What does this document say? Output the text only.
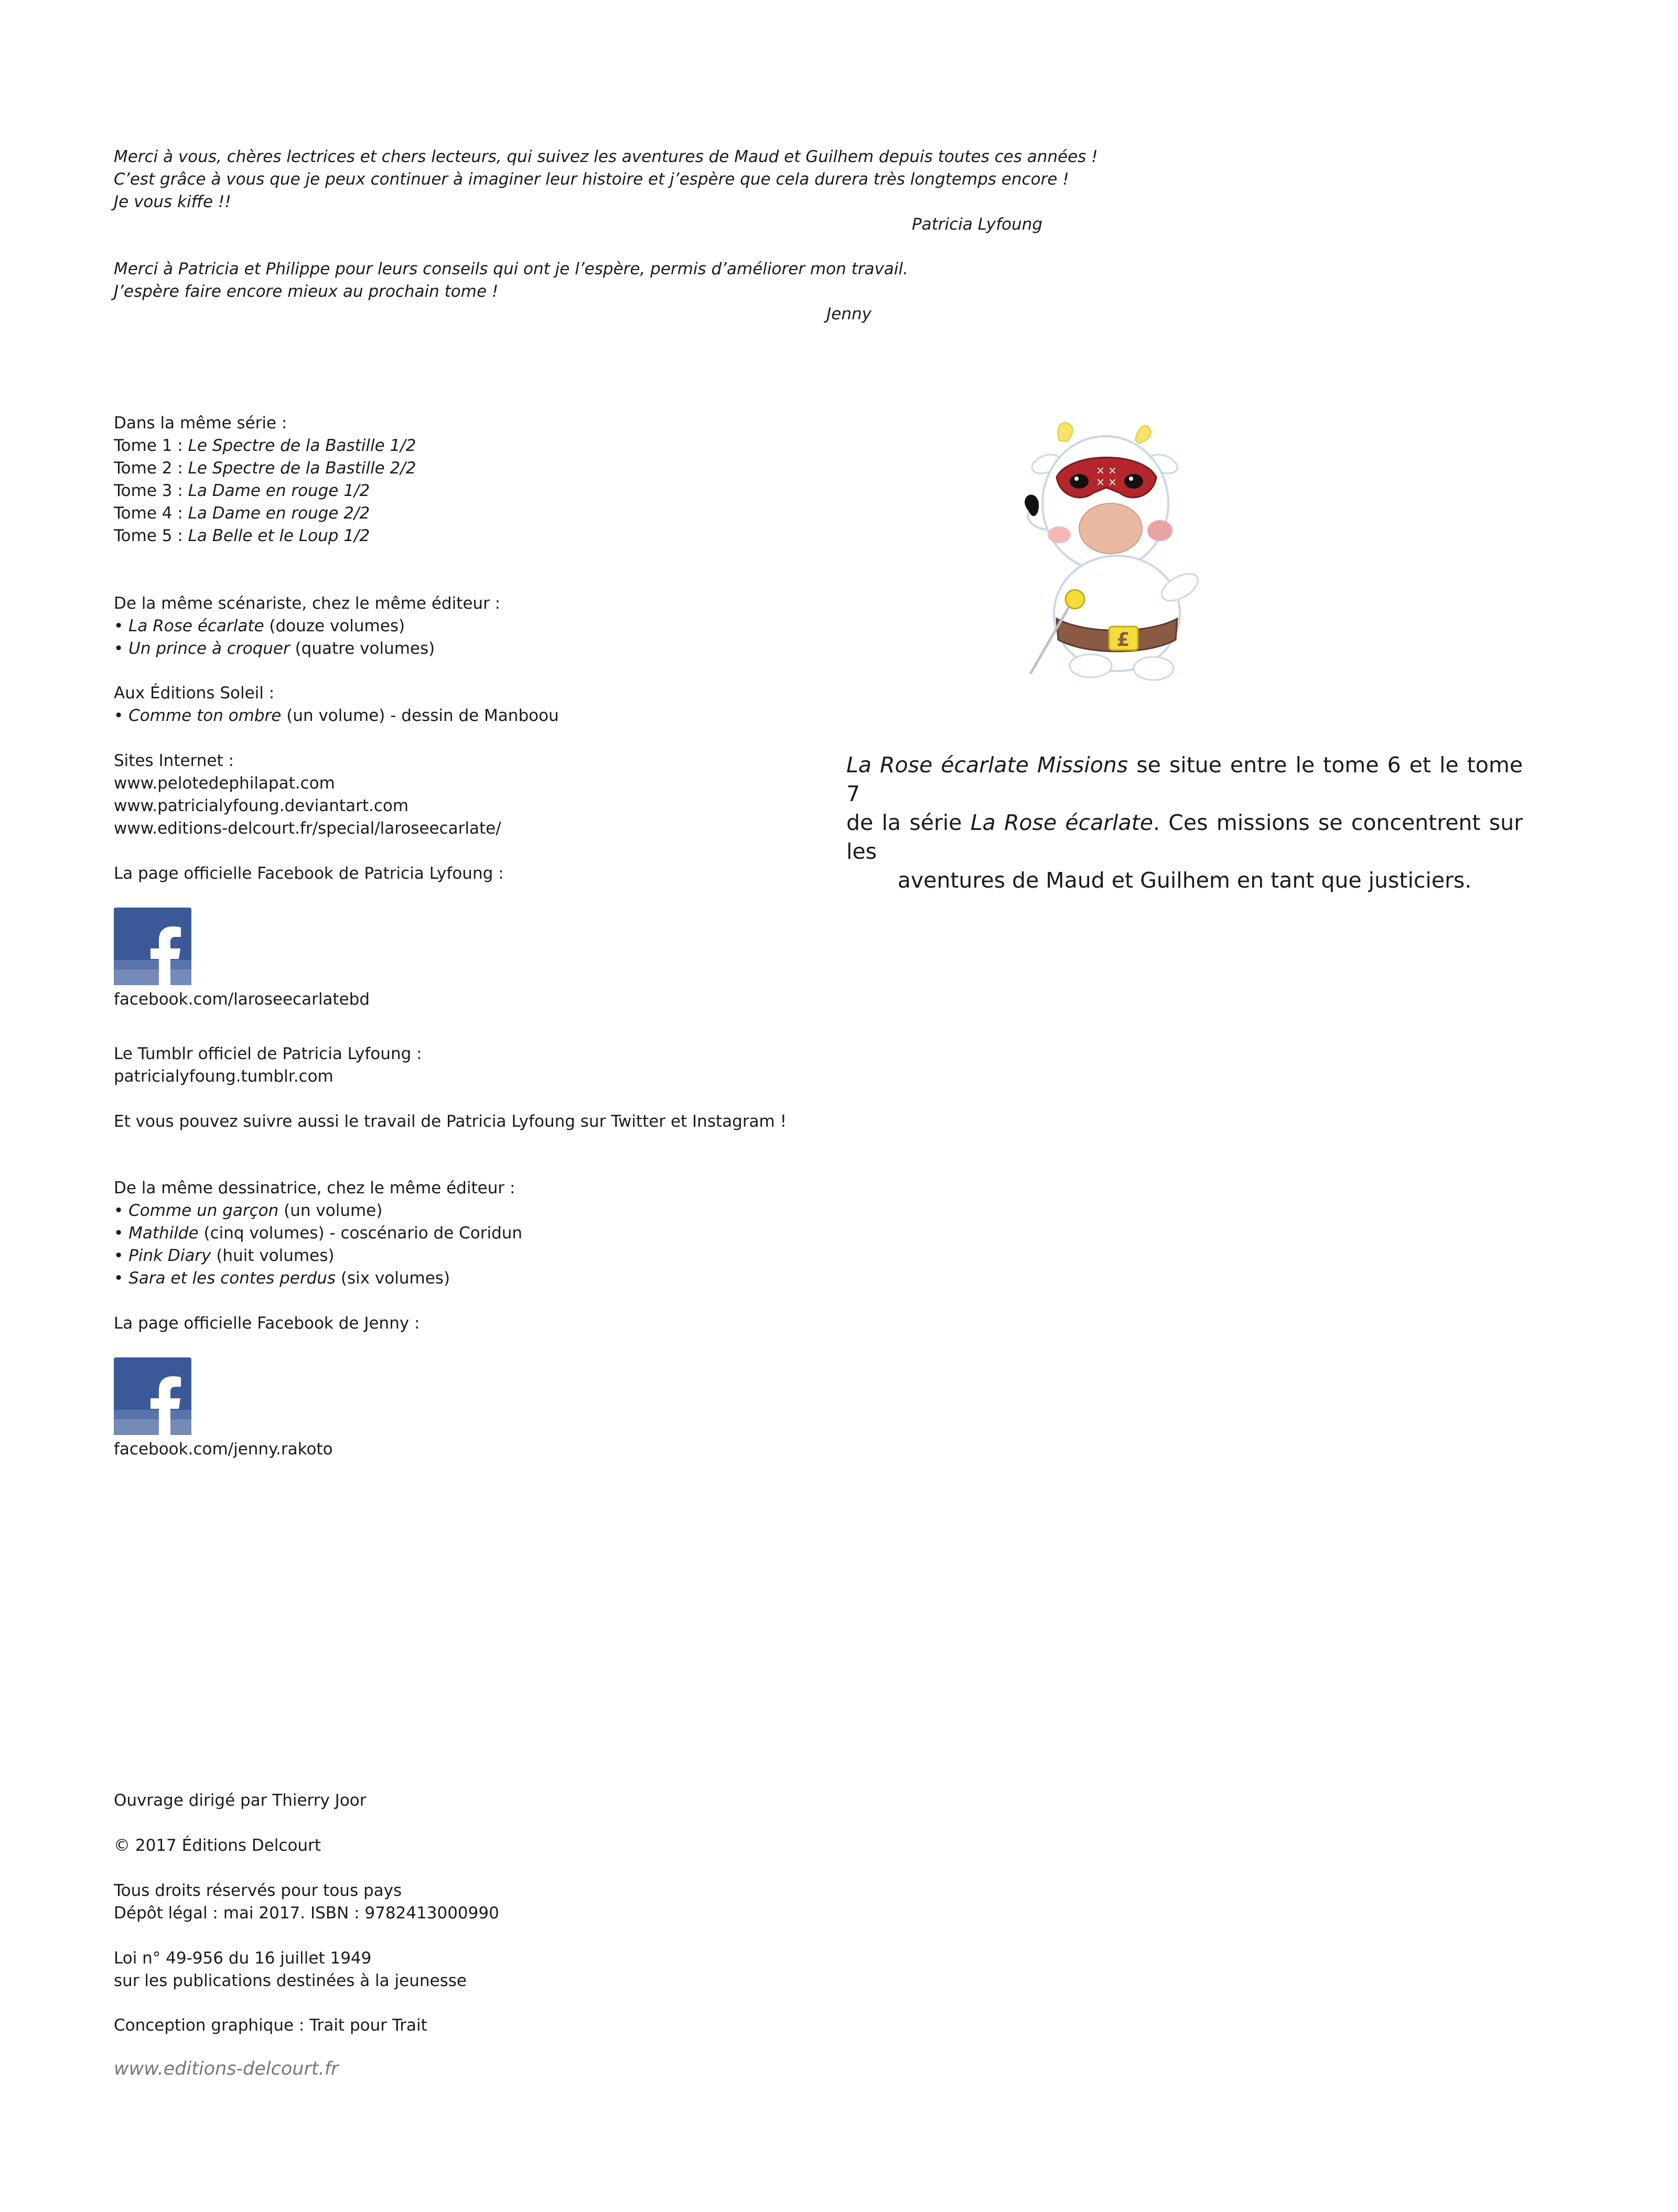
Merci à vous, chères lectrices et chers lecteurs, qui suivez les aventures de Maud et Guilhem depuis toutes ces années !
C’est grâce à vous que je peux continuer à imaginer leur histoire et j’espère que cela durera très longtemps encore !
Je vous kiffe !!
Patricia Lyfoung
Merci à Patricia et Philippe pour leurs conseils qui ont je l’espère, permis d’améliorer mon travail.
J’espère faire encore mieux au prochain tome !
Jenny
Dans la même série :
Tome 1 : Le Spectre de la Bastille 1/2
Tome 2 : Le Spectre de la Bastille 2/2
Tome 3 : La Dame en rouge 1/2
Tome 4 : La Dame en rouge 2/2
Tome 5 : La Belle et le Loup 1/2
De la même scénariste, chez le même éditeur :
• La Rose écarlate (douze volumes)
• Un prince à croquer (quatre volumes)
Aux Éditions Soleil :
• Comme ton ombre (un volume) - dessin de Manboou
Sites Internet :
www.pelotedephilapat.com
www.patricialyfoung.deviantart.com
www.editions-delcourt.fr/special/laroseecarlate/
La page officielle Facebook de Patricia Lyfoung :
facebook.com/laroseecarlatebd
Le Tumblr officiel de Patricia Lyfoung :
patricialyfoung.tumblr.com
Et vous pouvez suivre aussi le travail de Patricia Lyfoung sur Twitter et Instagram !
De la même dessinatrice, chez le même éditeur :
• Comme un garçon (un volume)
• Mathilde (cinq volumes) - coscénario de Coridun
• Pink Diary (huit volumes)
• Sara et les contes perdus (six volumes)
La page officielle Facebook de Jenny :
facebook.com/jenny.rakoto
Ouvrage dirigé par Thierry Joor
© 2017 Éditions Delcourt
Tous droits réservés pour tous pays
Dépôt légal : mai 2017. ISBN : 9782413000990
Loi n° 49-956 du 16 juillet 1949
sur les publications destinées à la jeunesse
Conception graphique : Trait pour Trait
www.editions-delcourt.fr
× ×
× ×
£
La Rose écarlate Missions se situe entre le tome 6 et le tome 7
de la série La Rose écarlate. Ces missions se concentrent sur les
aventures de Maud et Guilhem en tant que justiciers.
